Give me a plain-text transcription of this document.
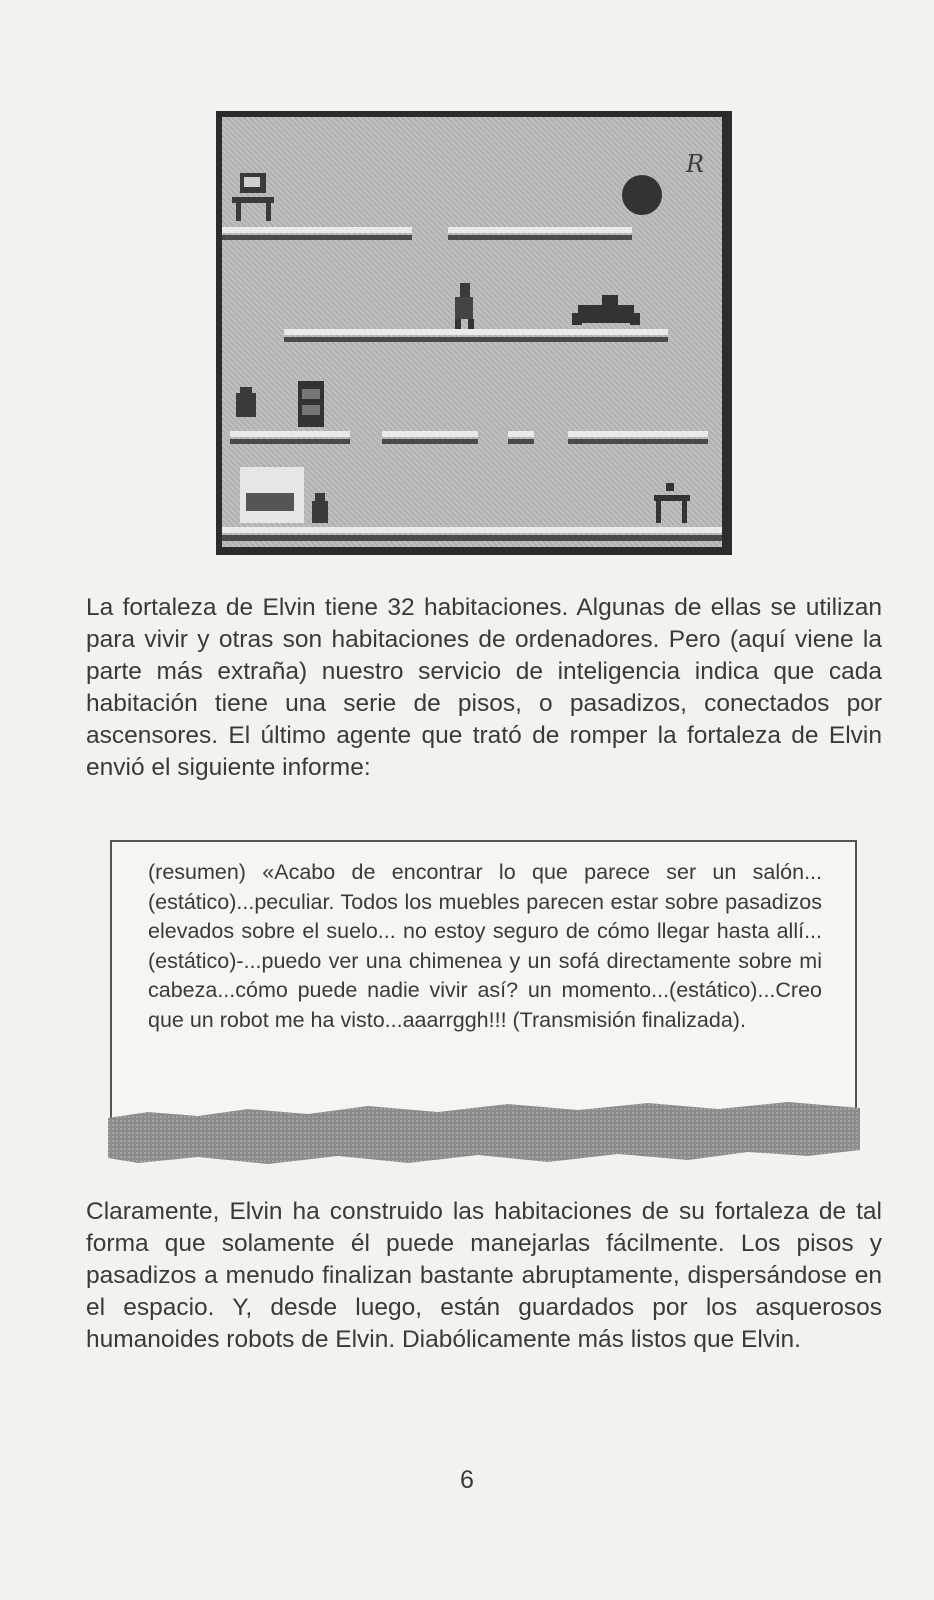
R

La fortaleza de Elvin tiene 32 habitaciones. Algunas de ellas se utilizan para vivir y otras son habitaciones de ordenadores. Pero (aquí viene la parte más extraña) nuestro servicio de inteligencia indica que cada habitación tiene una serie de pisos, o pasadizos, conectados por ascensores. El último agente que trató de romper la fortaleza de Elvin envió el siguiente informe:

(resumen) «Acabo de encontrar lo que parece ser un salón...(estático)...peculiar. Todos los muebles parecen estar sobre pasadizos elevados sobre el suelo... no estoy seguro de cómo llegar hasta allí...(estático)-...puedo ver una chimenea y un sofá directamente sobre mi cabeza...cómo puede nadie vivir así? un momento...(estático)...Creo que un robot me ha visto...aaarrggh!!! (Transmisión finalizada).

Claramente, Elvin ha construido las habitaciones de su fortaleza de tal forma que solamente él puede manejarlas fácilmente. Los pisos y pasadizos a menudo finalizan bastante abruptamente, dispersándose en el espacio. Y, desde luego, están guardados por los asquerosos humanoides robots de Elvin. Diabólicamente más listos que Elvin.

6
